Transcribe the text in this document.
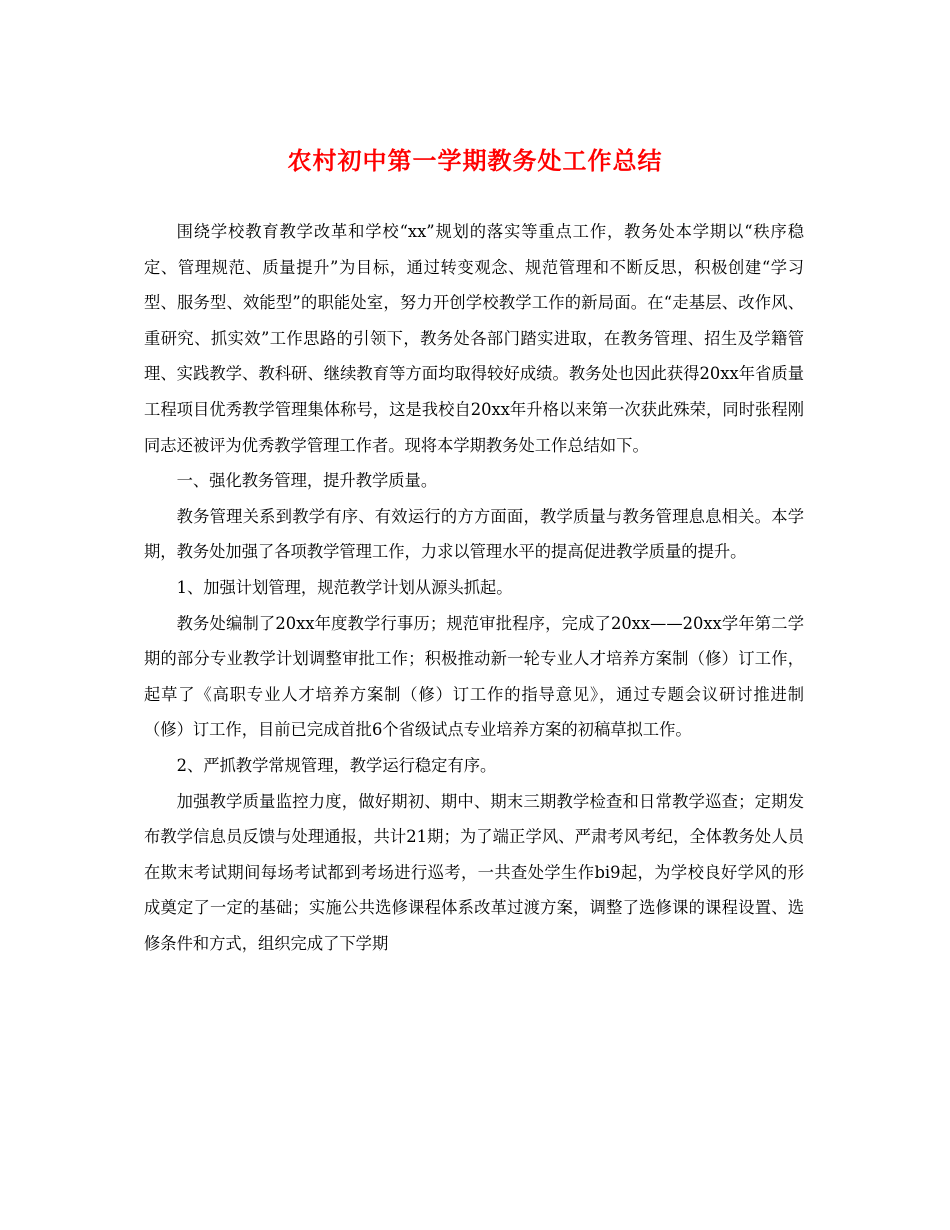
农村初中第一学期教务处工作总结

围绕学校教育教学改革和学校“xx”规划的落实等重点工作，教务处本学期以“秩序稳定、管理规范、质量提升”为目标，通过转变观念、规范管理和不断反思，积极创建“学习型、服务型、效能型”的职能处室，努力开创学校教学工作的新局面。在“走基层、改作风、重研究、抓实效”工作思路的引领下，教务处各部门踏实进取，在教务管理、招生及学籍管理、实践教学、教科研、继续教育等方面均取得较好成绩。教务处也因此获得20xx年省质量工程项目优秀教学管理集体称号，这是我校自20xx年升格以来第一次获此殊荣，同时张程刚同志还被评为优秀教学管理工作者。现将本学期教务处工作总结如下。

一、强化教务管理，提升教学质量。

教务管理关系到教学有序、有效运行的方方面面，教学质量与教务管理息息相关。本学期，教务处加强了各项教学管理工作，力求以管理水平的提高促进教学质量的提升。

1、加强计划管理，规范教学计划从源头抓起。

教务处编制了20xx年度教学行事历；规范审批程序，完成了20xx——20xx学年第二学期的部分专业教学计划调整审批工作；积极推动新一轮专业人才培养方案制（修）订工作，起草了《高职专业人才培养方案制（修）订工作的指导意见》，通过专题会议研讨推进制（修）订工作，目前已完成首批6个省级试点专业培养方案的初稿草拟工作。

2、严抓教学常规管理，教学运行稳定有序。

加强教学质量监控力度，做好期初、期中、期末三期教学检查和日常教学巡查；定期发布教学信息员反馈与处理通报，共计21期；为了端正学风、严肃考风考纪，全体教务处人员在欺末考试期间每场考试都到考场进行巡考，一共查处学生作bi9起，为学校良好学风的形成奠定了一定的基础；实施公共选修课程体系改革过渡方案，调整了选修课的课程设置、选修条件和方式，组织完成了下学期
